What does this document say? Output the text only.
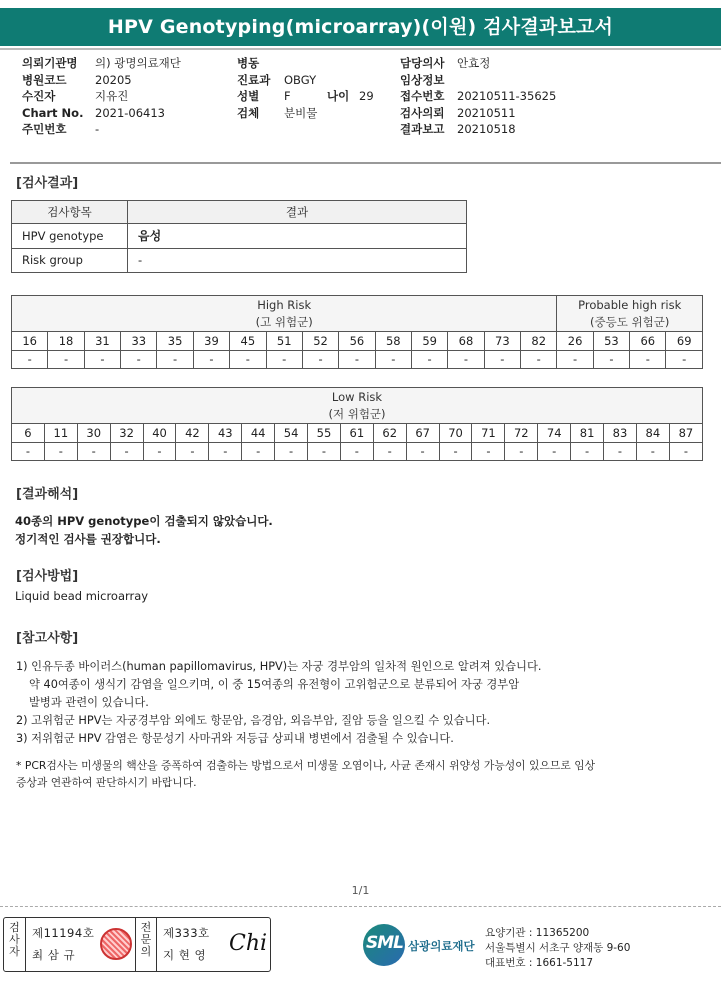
HPV Genotyping(microarray)(이원) 검사결과보고서
의뢰기관명 의) 광명의료재단
병원코드 20205
수진자	지유진
Chart No. 2021-06413
주민번호 -
병동
진료과 OBGY
성별 F	나이 29
검체 분비물
담당의사 안효정
임상정보
접수번호 20210511-35625
검사의뢰 20210511
결과보고 20210518
[검사결과]
검사항목	결과
HPV genotype	음성
Risk group	-
High Risk
(고 위험군)															Probable high risk
(중등도 위험군)			
16	18	31	33	35	39	45	51	52	56	58	59	68	73	82	26	53	66	69
-	-	-	-	-	-	-	-	-	-	-	-	-	-	-	-	-	-	-
Low Risk
(저 위험군)																				
6	11	30	32	40	42	43	44	54	55	61	62	67	70	71	72	74	81	83	84	87
-	-	-	-	-	-	-	-	-	-	-	-	-	-	-	-	-	-	-	-	-
[결과해석]
40종의 HPV genotype이 검출되지 않았습니다.
정기적인 검사를 권장합니다.
[검사방법]
Liquid bead microarray
[참고사항]

1) 인유두종 바이러스(human papillomavirus, HPV)는 자궁 경부암의 일차적 원인으로 알려져 있습니다.

약 40여종이 생식기 감염을 일으키며, 이 중 15여종의 유전형이 고위험군으로 분류되어 자궁 경부암

발병과 관련이 있습니다.

2) 고위험군 HPV는 자궁경부암 외에도 항문암, 음경암, 외음부암, 질암 등을 일으킬 수 있습니다.

3) 저위험군 HPV 감염은 항문성기 사마귀와 저등급 상피내 병변에서 검출될 수 있습니다.

* PCR검사는 미생물의 핵산을 증폭하여 검출하는 방법으로서 미생물 오염이나, 사균 존재시 위양성 가능성이 있으므로 임상
증상과 연관하여 판단하시기 바랍니다.
1/1
검
사
자
제11194호
최 삼 규
전
문
의
제333호
지 현 영 Chi	SML 삼광의료재단
요양기관 : 11365200
서울특별시 서초구 양재동 9-60
대표번호 : 1661-5117
